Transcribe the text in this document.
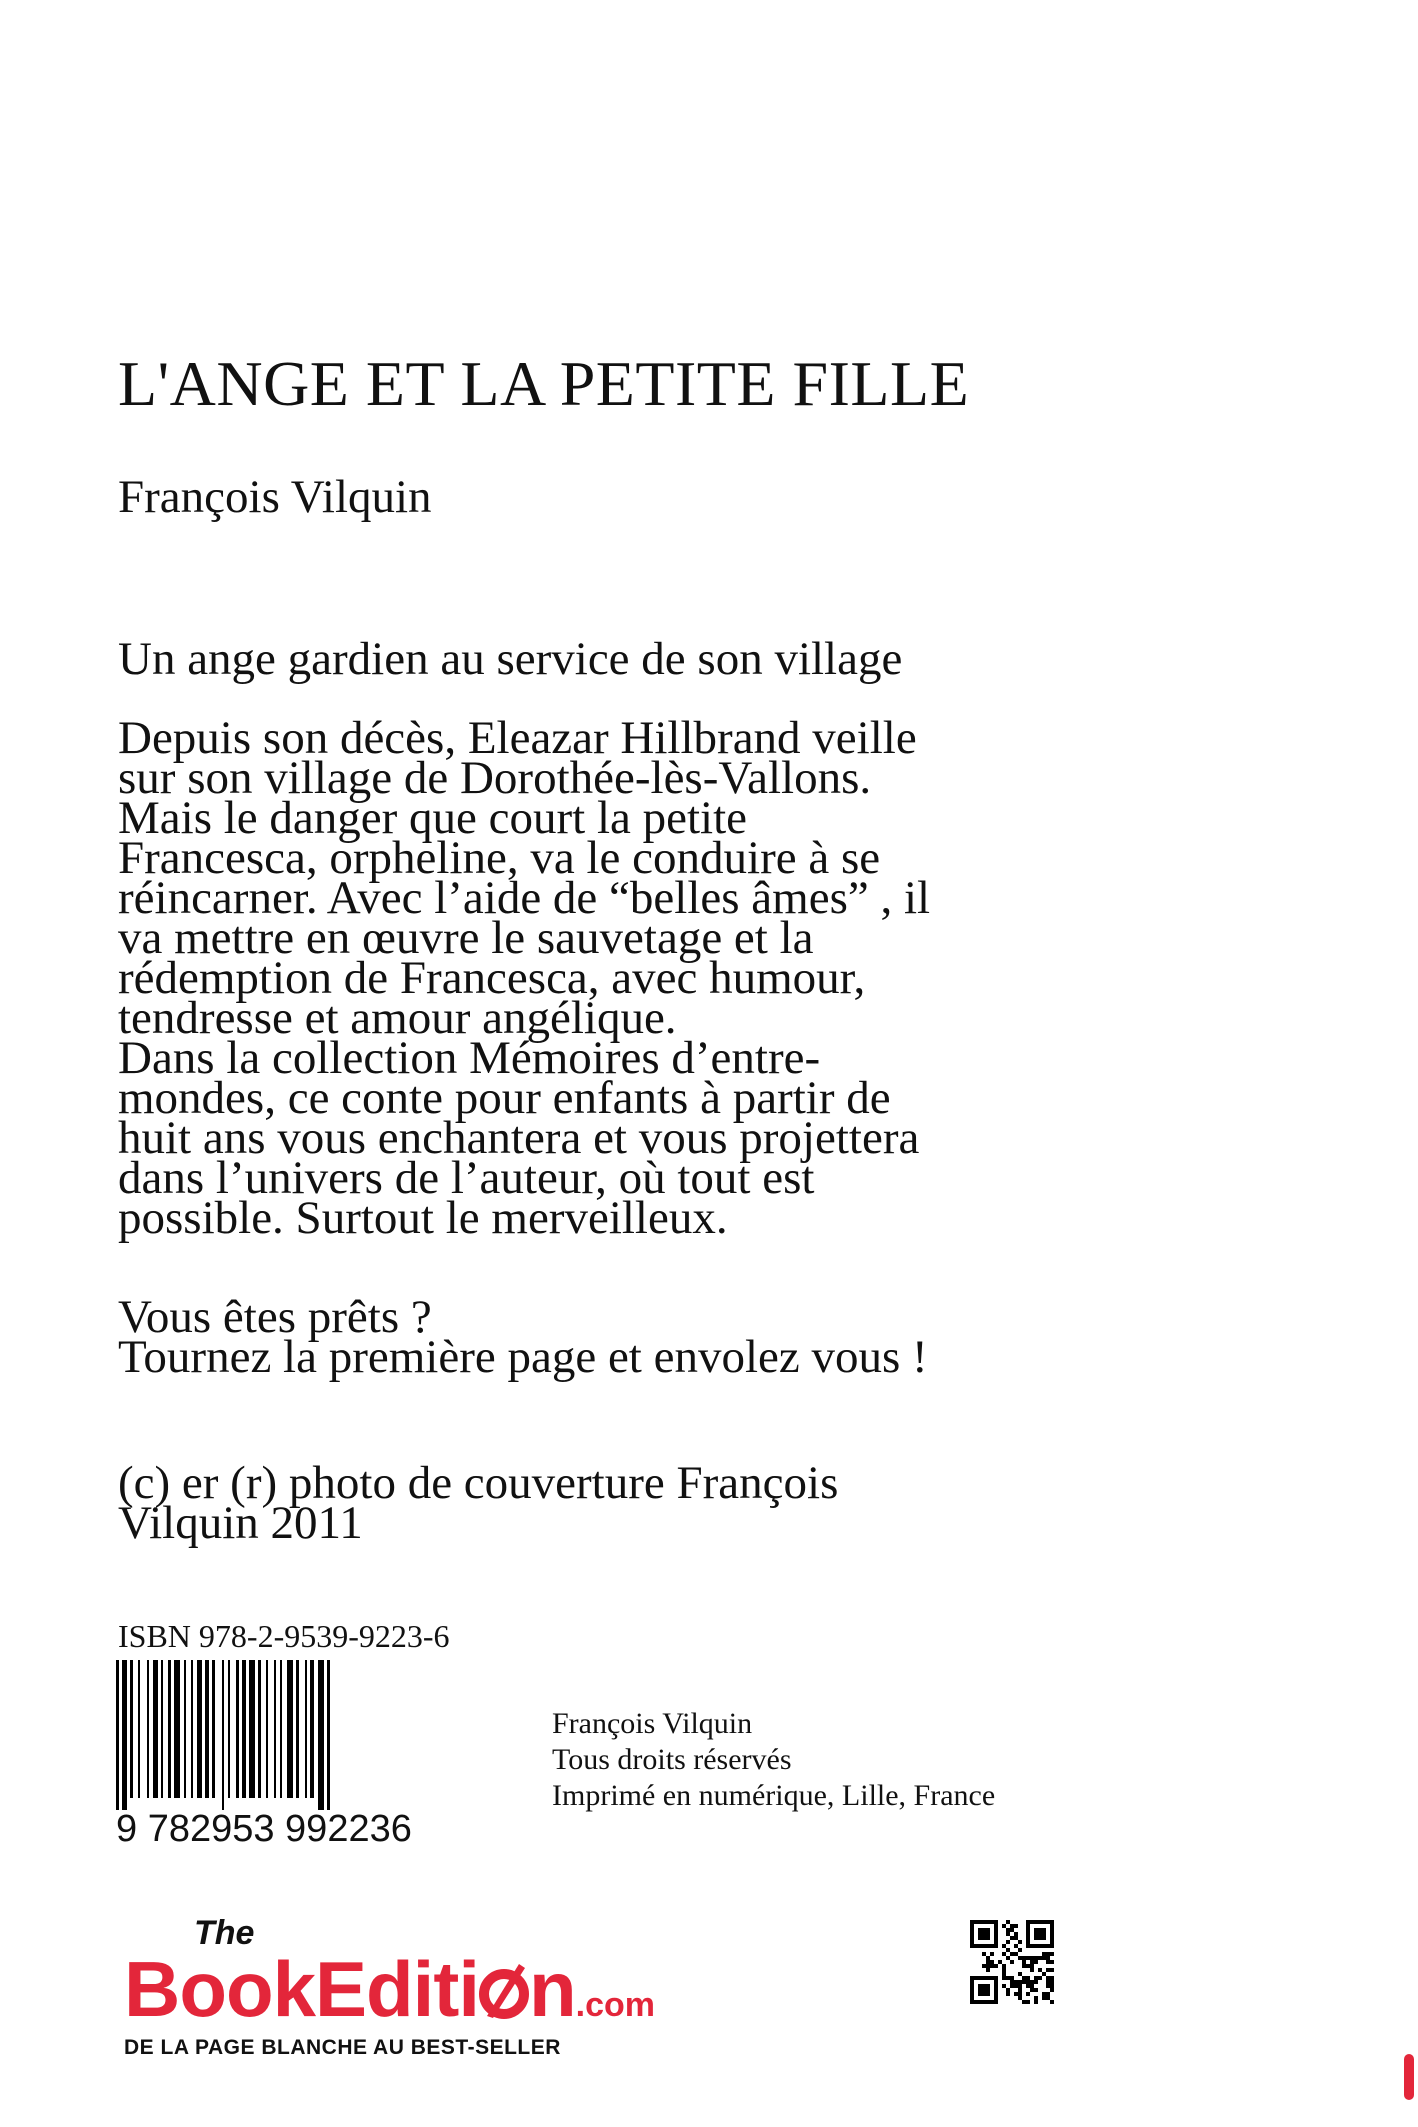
L'ANGE ET LA PETITE FILLE
François Vilquin
Un ange gardien au service de son village

Depuis son décès, Eleazar Hillbrand veille

sur son village de Dorothée-lès-Vallons.

Mais le danger que court la petite

Francesca, orpheline, va le conduire à se

réincarner. Avec l’aide de “belles âmes” , il

va mettre en œuvre le sauvetage et la

rédemption de Francesca, avec humour,

tendresse et amour angélique.

Dans la collection Mémoires d’entre-

mondes, ce conte pour enfants à partir de

huit ans vous enchantera et vous projettera

dans l’univers de l’auteur, où tout est

possible. Surtout le merveilleux.

Vous êtes prêts ?

Tournez la première page et envolez vous !

(c) er (r) photo de couverture François
Vilquin 2011
ISBN 978-2-9539-9223-6
9 782953 992236
François Vilquin
Tous droits réservés
Imprimé en numérique, Lille, France
The
BookEditi n.com
DE LA PAGE BLANCHE AU BEST-SELLER
